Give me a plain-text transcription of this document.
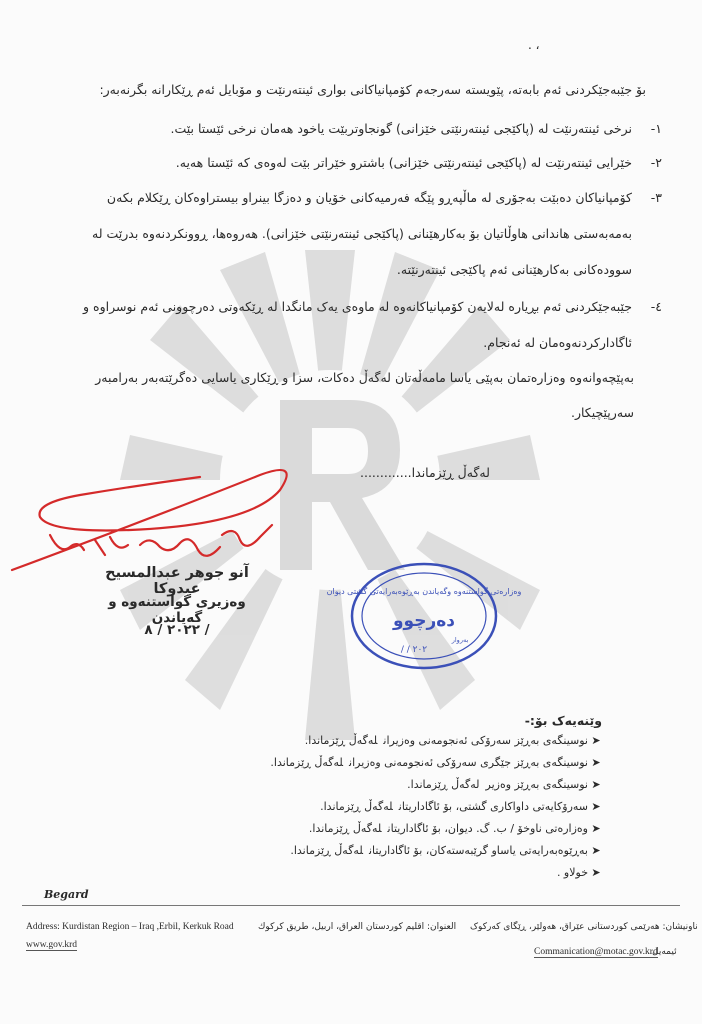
. ،
بۆ جێبەجێکردنی ئەم بابەتە، پێویستە سەرجەم کۆمپانیاکانی بواری ئینتەرنێت و مۆبایل ئەم ڕێکارانە بگرنەبەر:
-١
نرخی ئینتەرنێت لە (پاکێجی ئینتەرنێتی خێزانی) گونجاوتربێت یاخود هەمان نرخی ئێستا بێت.
-٢
خێرایی ئینتەرنێت لە (پاکێجی ئینتەرنێتی خێزانی) باشترو خێراتر بێت لەوەی کە ئێستا هەیە.
-٣
کۆمپانیاکان دەبێت بەجۆری لە ماڵپەڕو پێگە فەرمیەکانی خۆیان و دەزگا بینراو بیستراوەکان ڕێکلام بکەن
بەمەبەستی هاندانی هاوڵاتیان بۆ بەکارهێنانی (پاکێجی ئینتەرنێتی خێزانی). هەروەها، ڕوونکردنەوە بدرێت لە
سوودەکانی بەکارهێنانی ئەم پاکێجی ئینتەرنێتە.
-٤
جێبەجێکردنی ئەم بڕیارە لەلایەن کۆمپانیاکانەوە لە ماوەی یەک مانگدا لە ڕێکەوتی دەرچوونی ئەم نوسراوە و
ئاگادارکردنەوەمان لە ئەنجام.
بەپێچەوانەوە وەزارەتمان بەپێی یاسا مامەڵەتان لەگەڵ دەکات، سزا و ڕێکاری یاسایی دەگرێتەبەر بەرامبەر
سەرپێچیکار.
لەگەڵ ڕێزماندا.............
آنو جوهر عبدالمسيح عبدوكا
وەزیری گواستنەوە و گەیاندن
٢٠٢٢ / ٨ /
وەزارەتی گواستنەوە وگەیاندن بەڕێوەبەرایەتی گشتی دیوان
دەرچوو
بەروار
/ / ٢٠٢
وێنەیەک بۆ:-
➤نوسینگەی بەڕێز سەرۆکی ئەنجومەنی وەزیرانلەگەڵ ڕێزماندا.
➤نوسینگەی بەڕێز جێگری سەرۆکی ئەنجومەنی وەزیرانلەگەڵ ڕێزماندا.
➤نوسینگەی بەڕێز وەزیرلەگەڵ ڕێزماندا.
➤سەرۆکایەتی داواکاری گشتی، بۆ ئاگاداریتانلەگەڵ ڕێزماندا.
➤وەزارەتی ناوخۆ / ب. گ. دیوان، بۆ ئاگاداریتانلەگەڵ ڕێزماندا.
➤بەڕێوەبەرایەتی یاساو گرێبەستەکان، بۆ ئاگاداریتانلەگەڵ ڕێزماندا.
➤خولاو .
Begard
Address: Kurdistan Region – Iraq ,Erbil, Kerkuk Road	العنوان: اقليم كوردستان العراق، اربيل، طريق كركوك ناونیشان: هەرێمی کوردستانی عێراق، هەولێر، ڕێگای کەرکوک
www.gov.krd
Commanication@motac.gov.krd
ئیمەیل
